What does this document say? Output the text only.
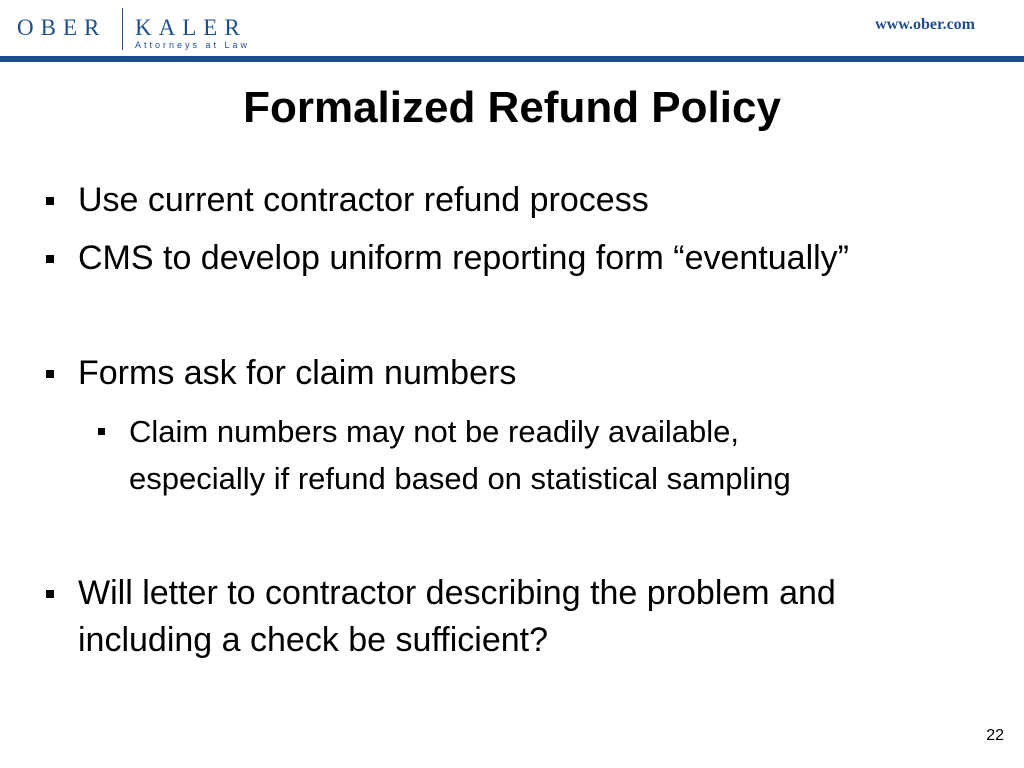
OBER KALER
Attorneys at Law
www.ober.com
Formalized Refund Policy
Use current contractor refund process
CMS to develop uniform reporting form “eventually”
Forms ask for claim numbers
Claim numbers may not be readily available,
especially if refund based on statistical sampling
Will letter to contractor describing the problem and
including a check be sufficient?
22
